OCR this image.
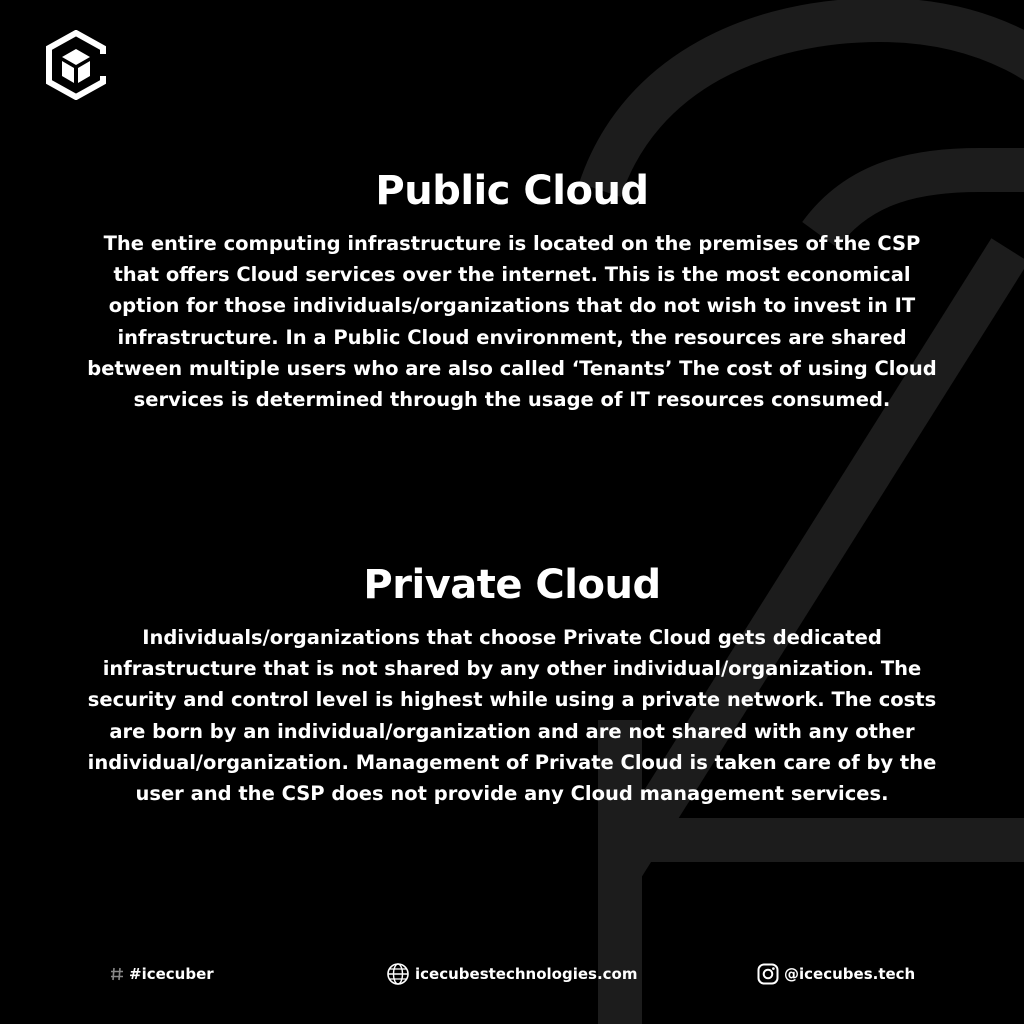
Public Cloud

The entire computing infrastructure is located on the premises of the CSP that offers Cloud services over the internet. This is the most economical option for those individuals/organizations that do not wish to invest in IT infrastructure. In a Public Cloud environment, the resources are shared between multiple users who are also called ‘Tenants’ The cost of using Cloud services is determined through the usage of IT resources consumed.

Private Cloud

Individuals/organizations that choose Private Cloud gets dedicated infrastructure that is not shared by any other individual/organization. The security and control level is highest while using a private network. The costs are born by an individual/organization and are not shared with any other individual/organization. Management of Private Cloud is taken care of by the user and the CSP does not provide any Cloud management services.

#icecuber	icecubestechnologies.com	@icecubes.tech
